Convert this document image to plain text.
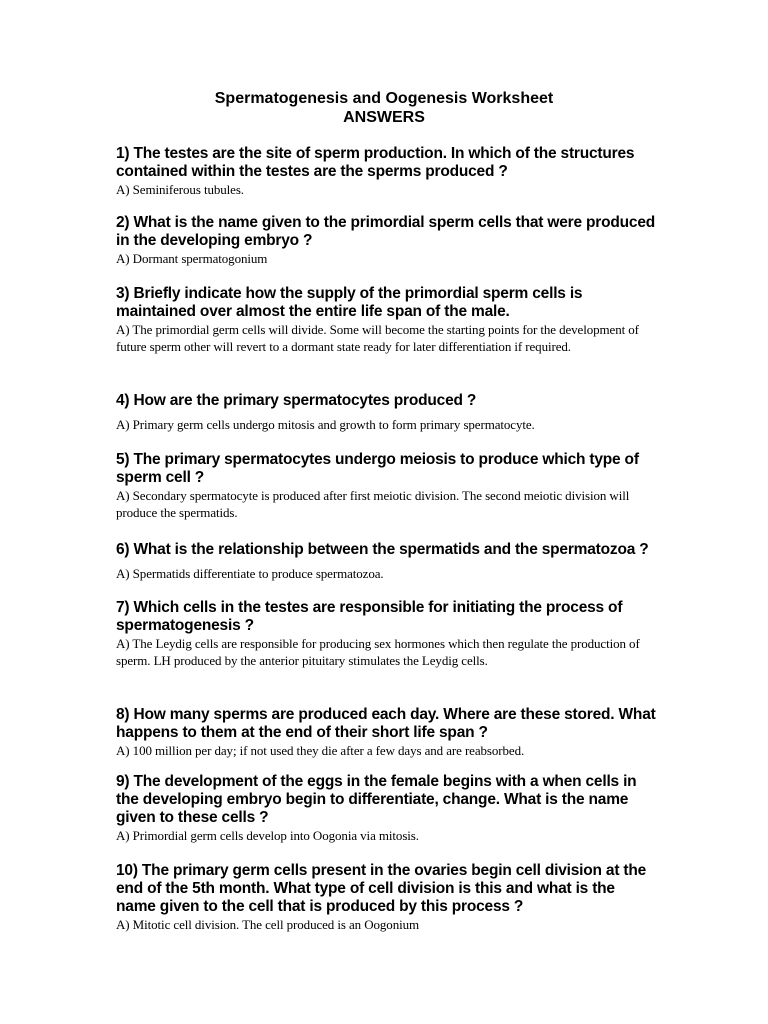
Spermatogenesis and Oogenesis Worksheet
ANSWERS
1) The testes are the site of sperm production. In which of the structures contained within the testes are the sperms produced ?
A) Seminiferous tubules.
2) What is the name given to the primordial sperm cells that were produced in the developing embryo ?
A) Dormant spermatogonium
3) Briefly indicate how the supply of the primordial sperm cells is maintained over almost the entire life span of the male.
A) The primordial germ cells will divide. Some will become the starting points for the development of future sperm other will revert to a dormant state ready for later differentiation if required.
4) How are the primary spermatocytes produced ?
A) Primary germ cells undergo mitosis and growth to form primary spermatocyte.
5) The primary spermatocytes undergo meiosis to produce which type of sperm cell ?
A) Secondary spermatocyte is produced after first meiotic division. The second meiotic division will produce the spermatids.
6) What is the relationship between the spermatids and the spermatozoa ?
A) Spermatids differentiate to produce spermatozoa.
7) Which cells in the testes are responsible for initiating the process of spermatogenesis ?
A) The Leydig cells are responsible for producing sex hormones which then regulate the production of sperm. LH produced by the anterior pituitary stimulates the Leydig cells.
8) How many sperms are produced each day. Where are these stored. What happens to them at the end of their short life span ?
A) 100 million per day; if not used they die after a few days and are reabsorbed.
9) The development of the eggs in the female begins with a when cells in the developing embryo begin to differentiate, change. What is the name given to these cells ?
A) Primordial germ cells develop into Oogonia via mitosis.
10) The primary germ cells present in the ovaries begin cell division at the end of the 5th month. What type of cell division is this and what is the name given to the cell that is produced by this process ?
A) Mitotic cell division. The cell produced is an Oogonium
